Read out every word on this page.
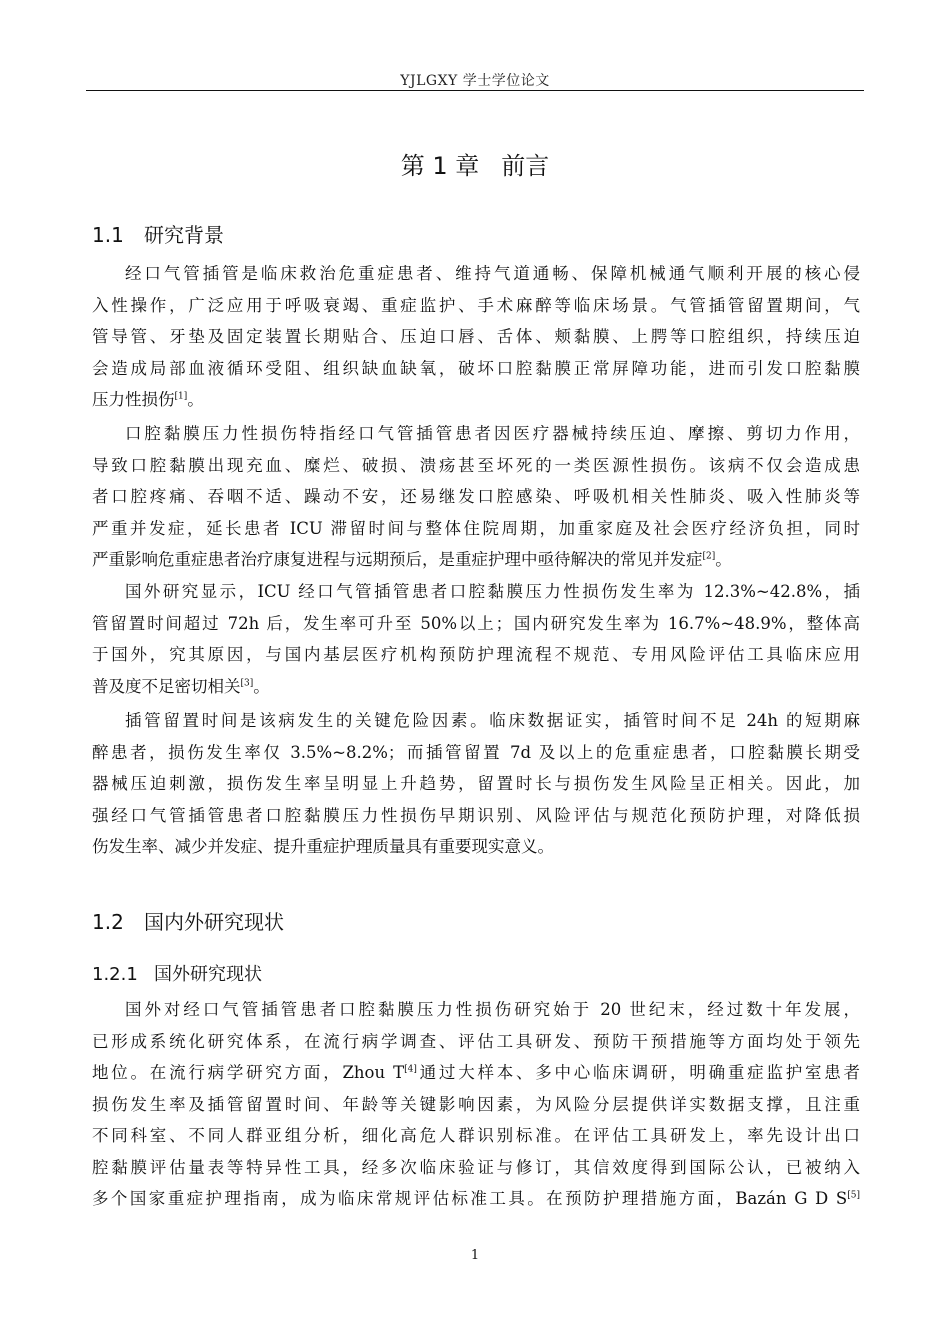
YJLGXY 学士学位论文
第 1 章 前言
1.1 研究背景
经口气管插管是临床救治危重症患者、维持气道通畅、保障机械通气顺利开展的核心侵
入性操作，广泛应用于呼吸衰竭、重症监护、手术麻醉等临床场景。气管插管留置期间，气
管导管、牙垫及固定装置长期贴合、压迫口唇、舌体、颊黏膜、上腭等口腔组织，持续压迫
会造成局部血液循环受阻、组织缺血缺氧，破坏口腔黏膜正常屏障功能，进而引发口腔黏膜
压力性损伤[1]。
口腔黏膜压力性损伤特指经口气管插管患者因医疗器械持续压迫、摩擦、剪切力作用，
导致口腔黏膜出现充血、糜烂、破损、溃疡甚至坏死的一类医源性损伤。该病不仅会造成患
者口腔疼痛、吞咽不适、躁动不安，还易继发口腔感染、呼吸机相关性肺炎、吸入性肺炎等
严重并发症，延长患者 ICU 滞留时间与整体住院周期，加重家庭及社会医疗经济负担，同时
严重影响危重症患者治疗康复进程与远期预后，是重症护理中亟待解决的常见并发症[2]。
国外研究显示，ICU 经口气管插管患者口腔黏膜压力性损伤发生率为 12.3%~42.8%，插
管留置时间超过 72h 后，发生率可升至 50%以上；国内研究发生率为 16.7%~48.9%，整体高
于国外，究其原因，与国内基层医疗机构预防护理流程不规范、专用风险评估工具临床应用
普及度不足密切相关[3]。
插管留置时间是该病发生的关键危险因素。临床数据证实，插管时间不足 24h 的短期麻
醉患者，损伤发生率仅 3.5%~8.2%；而插管留置 7d 及以上的危重症患者，口腔黏膜长期受
器械压迫刺激，损伤发生率呈明显上升趋势，留置时长与损伤发生风险呈正相关。因此，加
强经口气管插管患者口腔黏膜压力性损伤早期识别、风险评估与规范化预防护理，对降低损
伤发生率、减少并发症、提升重症护理质量具有重要现实意义。
1.2 国内外研究现状
1.2.1 国外研究现状
国外对经口气管插管患者口腔黏膜压力性损伤研究始于 20 世纪末，经过数十年发展，
已形成系统化研究体系，在流行病学调查、评估工具研发、预防干预措施等方面均处于领先
地位。在流行病学研究方面，Zhou T[4]通过大样本、多中心临床调研，明确重症监护室患者
损伤发生率及插管留置时间、年龄等关键影响因素，为风险分层提供详实数据支撑，且注重
不同科室、不同人群亚组分析，细化高危人群识别标准。在评估工具研发上，率先设计出口
腔黏膜评估量表等特异性工具，经多次临床验证与修订，其信效度得到国际公认，已被纳入
多个国家重症护理指南，成为临床常规评估标准工具。在预防护理措施方面，Bazán G D S[5]
1
